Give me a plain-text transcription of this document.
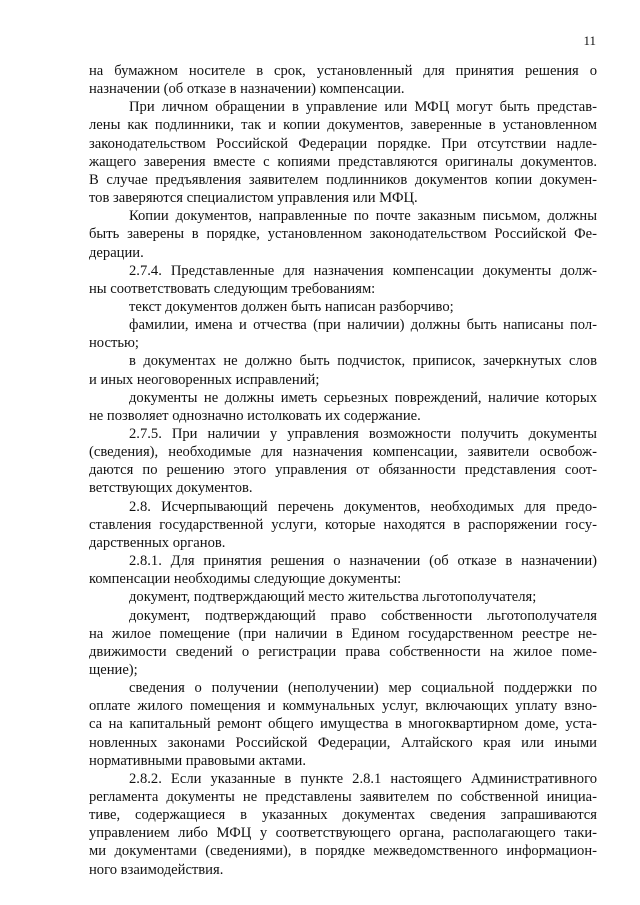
11
на бумажном носителе в срок, установленный для принятия решения о
назначении (об отказе в назначении) компенсации.
При личном обращении в управление или МФЦ могут быть представ-
лены как подлинники, так и копии документов, заверенные в установленном
законодательством Российской Федерации порядке. При отсутствии надле-
жащего заверения вместе с копиями представляются оригиналы документов.
В случае предъявления заявителем подлинников документов копии докумен-
тов заверяются специалистом управления или МФЦ.
Копии документов, направленные по почте заказным письмом, должны
быть заверены в порядке, установленном законодательством Российской Фе-
дерации.
2.7.4. Представленные для назначения компенсации документы долж-
ны соответствовать следующим требованиям:
текст документов должен быть написан разборчиво;
фамилии, имена и отчества (при наличии) должны быть написаны пол-
ностью;
в документах не должно быть подчисток, приписок, зачеркнутых слов
и иных неоговоренных исправлений;
документы не должны иметь серьезных повреждений, наличие которых
не позволяет однозначно истолковать их содержание.
2.7.5. При наличии у управления возможности получить документы
(сведения), необходимые для назначения компенсации, заявители освобож-
даются по решению этого управления от обязанности представления соот-
ветствующих документов.
2.8. Исчерпывающий перечень документов, необходимых для предо-
ставления государственной услуги, которые находятся в распоряжении госу-
дарственных органов.
2.8.1. Для принятия решения о назначении (об отказе в назначении)
компенсации необходимы следующие документы:
документ, подтверждающий место жительства льготополучателя;
документ, подтверждающий право собственности льготополучателя
на жилое помещение (при наличии в Едином государственном реестре не-
движимости сведений о регистрации права собственности на жилое поме-
щение);
сведения о получении (неполучении) мер социальной поддержки по
оплате жилого помещения и коммунальных услуг, включающих уплату взно-
са на капитальный ремонт общего имущества в многоквартирном доме, уста-
новленных законами Российской Федерации, Алтайского края или иными
нормативными правовыми актами.
2.8.2. Если указанные в пункте 2.8.1 настоящего Административного
регламента документы не представлены заявителем по собственной инициа-
тиве, содержащиеся в указанных документах сведения запрашиваются
управлением либо МФЦ у соответствующего органа, располагающего таки-
ми документами (сведениями), в порядке межведомственного информацион-
ного взаимодействия.
